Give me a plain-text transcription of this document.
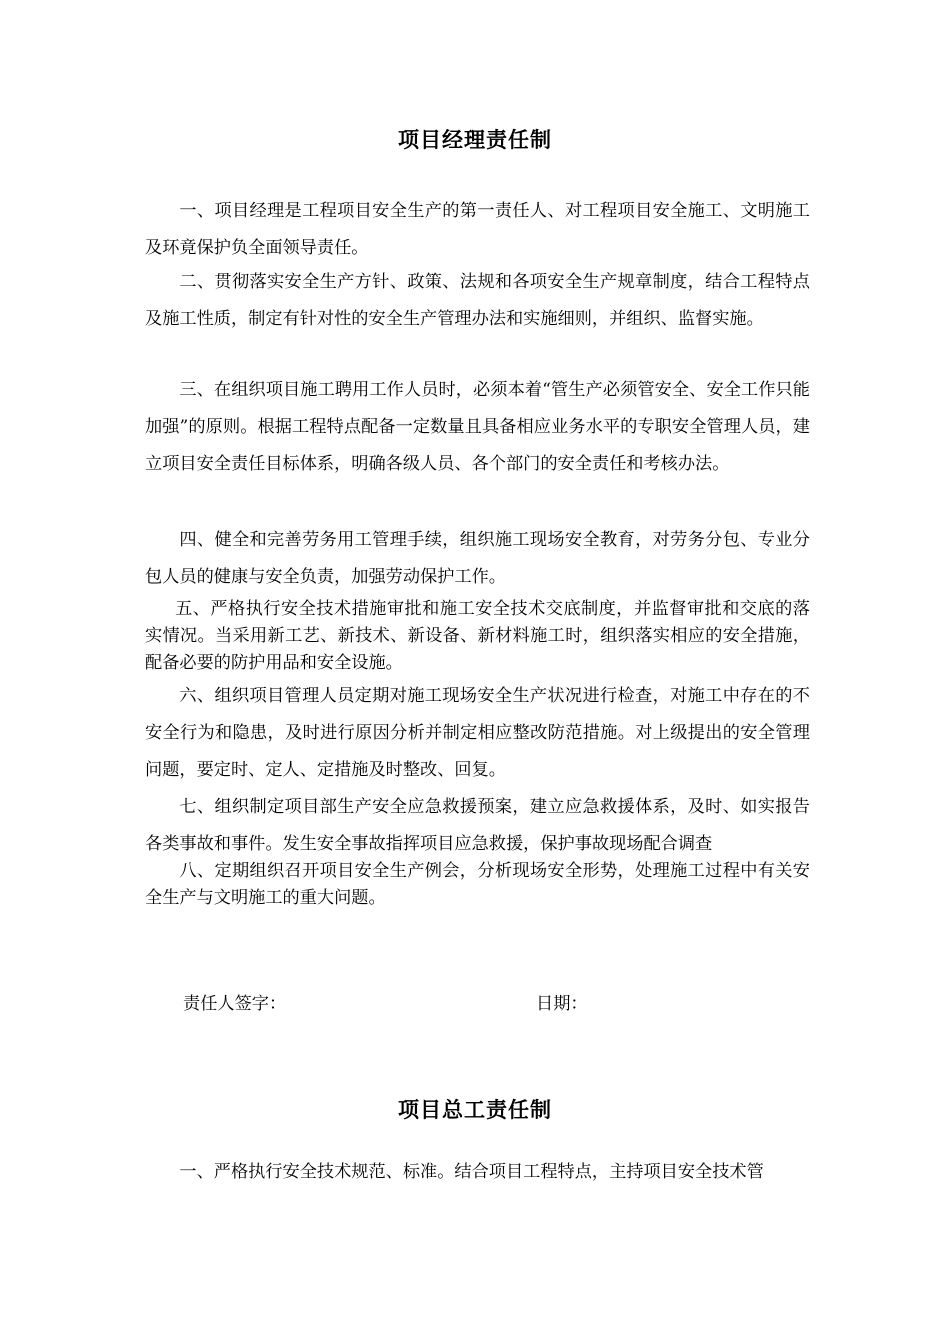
项目经理责任制
一、项目经理是工程项目安全生产的第一责任人、对工程项目安全施工、文明施工及环竟保护负全面领导责任。
二、贯彻落实安全生产方针、政策、法规和各项安全生产规章制度，结合工程特点及施工性质，制定有针对性的安全生产管理办法和实施细则，并组织、监督实施。
三、在组织项目施工聘用工作人员时，必须本着“管生产必须管安全、安全工作只能加强”的原则。根据工程特点配备一定数量且具备相应业务水平的专职安全管理人员，建立项目安全责任目标体系，明确各级人员、各个部门的安全责任和考核办法。
四、健全和完善劳务用工管理手续，组织施工现场安全教育，对劳务分包、专业分包人员的健康与安全负责，加强劳动保护工作。
五、严格执行安全技术措施审批和施工安全技术交底制度，并监督审批和交底的落实情况。当采用新工艺、新技术、新设备、新材料施工时，组织落实相应的安全措施，配备必要的防护用品和安全设施。
六、组织项目管理人员定期对施工现场安全生产状况进行检查，对施工中存在的不安全行为和隐患，及时进行原因分析并制定相应整改防范措施。对上级提出的安全管理问题，要定时、定人、定措施及时整改、回复。
七、组织制定项目部生产安全应急救援预案，建立应急救援体系，及时、如实报告各类事故和事件。发生安全事故指挥项目应急救援，保护事故现场配合调查
八、定期组织召开项目安全生产例会，分析现场安全形势，处理施工过程中有关安全生产与文明施工的重大问题。
责任人签字：	日期：
项目总工责任制
一、严格执行安全技术规范、标准。结合项目工程特点，主持项目安全技术管
